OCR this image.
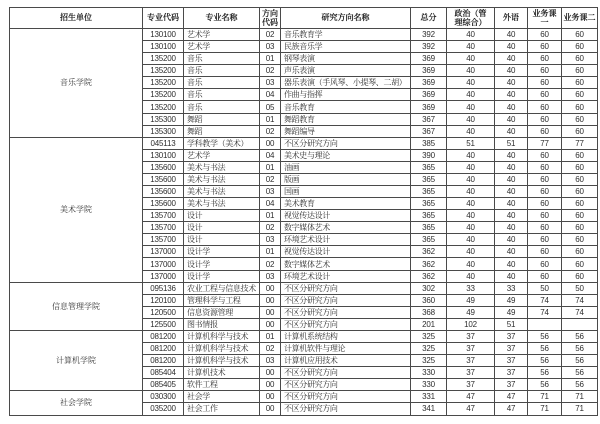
招生单位	专业代码	专业名称	方向代码	研究方向名称	总分	政治（管理综合）	外语	业务课一	业务课二
音乐学院	130100	艺术学	02	音乐教育学	392	40	40	60	60
	130100	艺术学	03	民族音乐学	392	40	40	60	60
	135200	音乐	01	钢琴表演	369	40	40	60	60
	135200	音乐	02	声乐表演	369	40	40	60	60
	135200	音乐	03	器乐表演（手风琴、小提琴、二胡）	369	40	40	60	60
	135200	音乐	04	作曲与指挥	369	40	40	60	60
	135200	音乐	05	音乐教育	369	40	40	60	60
	135300	舞蹈	01	舞蹈教育	367	40	40	60	60
	135300	舞蹈	02	舞蹈编导	367	40	40	60	60
美术学院	045113	学科教学（美术）	00	不区分研究方向	385	51	51	77	77
	130100	艺术学	04	美术史与理论	390	40	40	60	60
	135600	美术与书法	01	油画	365	40	40	60	60
	135600	美术与书法	02	版画	365	40	40	60	60
	135600	美术与书法	03	国画	365	40	40	60	60
	135600	美术与书法	04	美术教育	365	40	40	60	60
	135700	设计	01	视觉传达设计	365	40	40	60	60
	135700	设计	02	数字媒体艺术	365	40	40	60	60
	135700	设计	03	环境艺术设计	365	40	40	60	60
	137000	设计学	01	视觉传达设计	362	40	40	60	60
	137000	设计学	02	数字媒体艺术	362	40	40	60	60
	137000	设计学	03	环境艺术设计	362	40	40	60	60
信息管理学院	095136	农业工程与信息技术	00	不区分研究方向	302	33	33	50	50
	120100	管理科学与工程	00	不区分研究方向	360	49	49	74	74
	120500	信息资源管理	00	不区分研究方向	368	49	49	74	74
	125500	图书情报	00	不区分研究方向	201	102	51		
计算机学院	081200	计算机科学与技术	01	计算机系统结构	325	37	37	56	56
	081200	计算机科学与技术	02	计算机软件与理论	325	37	37	56	56
	081200	计算机科学与技术	03	计算机应用技术	325	37	37	56	56
	085404	计算机技术	00	不区分研究方向	330	37	37	56	56
	085405	软件工程	00	不区分研究方向	330	37	37	56	56
社会学院	030300	社会学	00	不区分研究方向	331	47	47	71	71
	035200	社会工作	00	不区分研究方向	341	47	47	71	71
